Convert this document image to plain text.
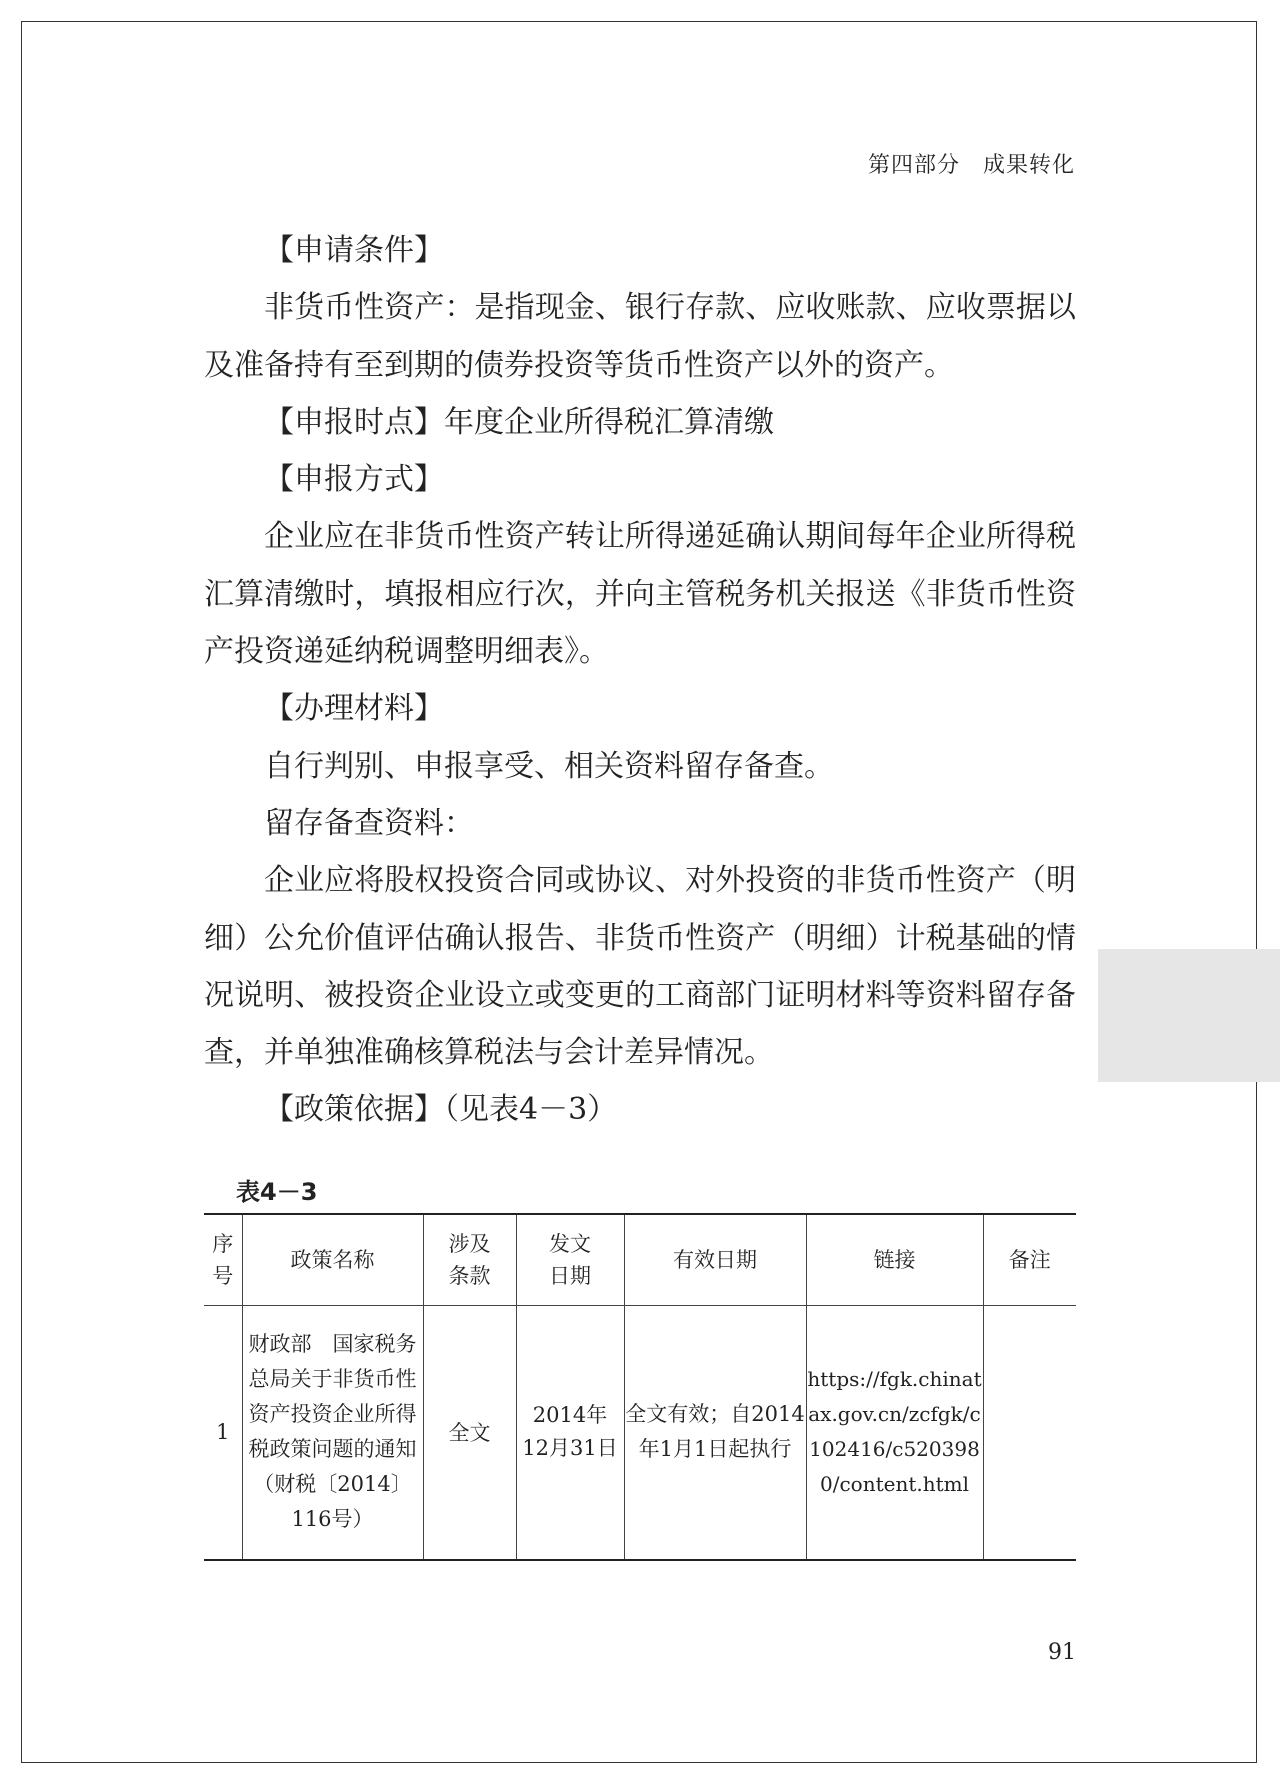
第四部分　成果转化

【申请条件】

非货币性资产：是指现金、银行存款、应收账款、应收票据以及准备持有至到期的债券投资等货币性资产以外的资产。

【申报时点】年度企业所得税汇算清缴

【申报方式】

企业应在非货币性资产转让所得递延确认期间每年企业所得税汇算清缴时，填报相应行次，并向主管税务机关报送《非货币性资产投资递延纳税调整明细表》。

【办理材料】

自行判别、申报享受、相关资料留存备查。

留存备查资料：

企业应将股权投资合同或协议、对外投资的非货币性资产（明细）公允价值评估确认报告、非货币性资产（明细）计税基础的情况说明、被投资企业设立或变更的工商部门证明材料等资料留存备查，并单独准确核算税法与会计差异情况。

【政策依据】（见表4－3）

表4－3
序号	政策名称	涉及条款	发文日期	有效日期	链接	备注
1	财政部　国家税务总局关于非货币性资产投资企业所得税政策问题的通知（财税〔2014〕116号）	全文	2014年12月31日	全文有效；自2014年1月1日起执行	https://fgk.chinatax.gov.cn/zcfgk/c102416/c5203980/content.html	
91
